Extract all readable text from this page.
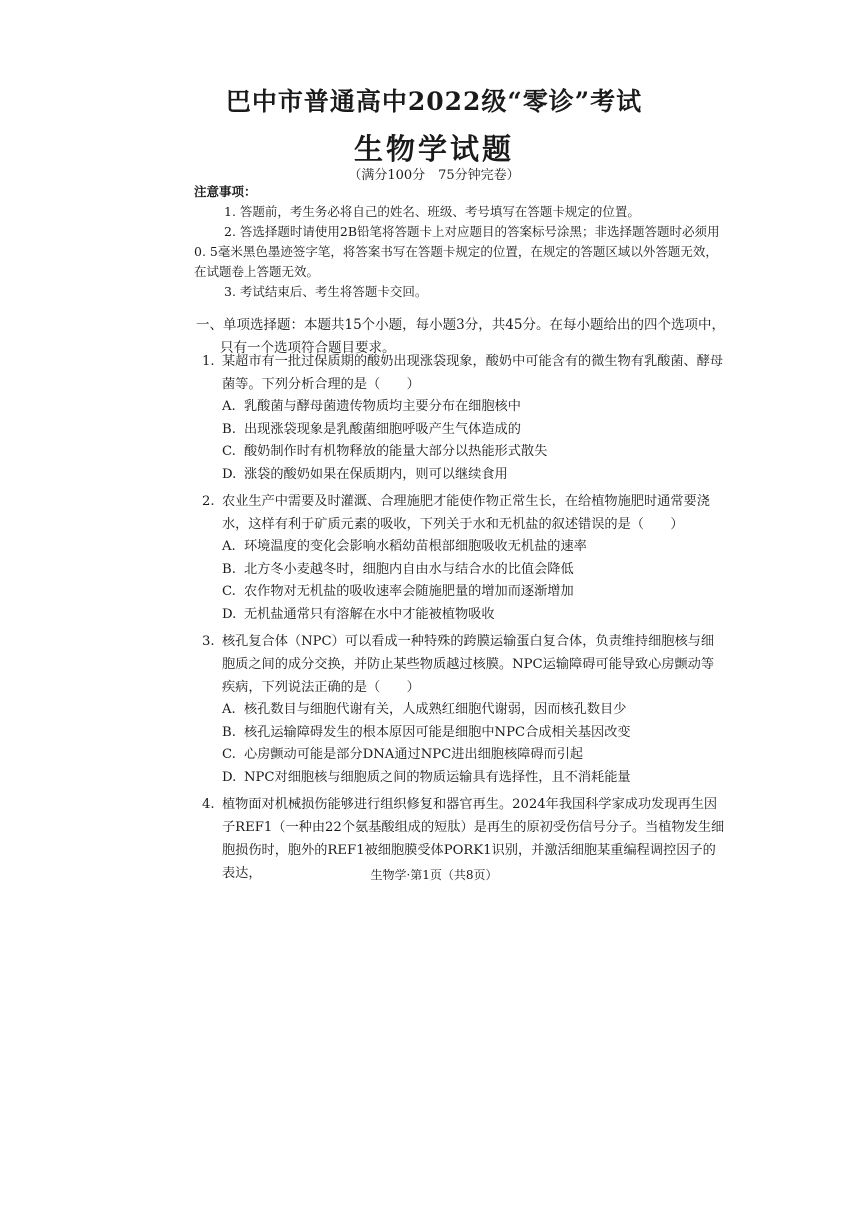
巴中市普通高中2022级“零诊”考试
生物学试题
（满分100分　75分钟完卷）
注意事项：
1. 答题前，考生务必将自己的姓名、班级、考号填写在答题卡规定的位置。
2. 答选择题时请使用2B铅笔将答题卡上对应题目的答案标号涂黑；非选择题答题时必须用0. 5毫米黑色墨迹签字笔，将答案书写在答题卡规定的位置，在规定的答题区域以外答题无效，在试题卷上答题无效。
3. 考试结束后、考生将答题卡交回。
一、单项选择题：本题共15个小题，每小题3分，共45分。在每小题给出的四个选项中，
只有一个选项符合题目要求。
1. 某超市有一批过保质期的酸奶出现涨袋现象，酸奶中可能含有的微生物有乳酸菌、酵母菌等。下列分析合理的是（　　）
A. 乳酸菌与酵母菌遗传物质均主要分布在细胞核中
B. 出现涨袋现象是乳酸菌细胞呼吸产生气体造成的
C. 酸奶制作时有机物释放的能量大部分以热能形式散失
D. 涨袋的酸奶如果在保质期内，则可以继续食用
2. 农业生产中需要及时灌溉、合理施肥才能使作物正常生长，在给植物施肥时通常要浇水，这样有利于矿质元素的吸收，下列关于水和无机盐的叙述错误的是（　　）
A. 环境温度的变化会影响水稻幼苗根部细胞吸收无机盐的速率
B. 北方冬小麦越冬时，细胞内自由水与结合水的比值会降低
C. 农作物对无机盐的吸收速率会随施肥量的增加而逐渐增加
D. 无机盐通常只有溶解在水中才能被植物吸收
3. 核孔复合体（NPC）可以看成一种特殊的跨膜运输蛋白复合体，负责维持细胞核与细胞质之间的成分交换，并防止某些物质越过核膜。NPC运输障碍可能导致心房颤动等疾病，下列说法正确的是（　　）
A. 核孔数目与细胞代谢有关，人成熟红细胞代谢弱，因而核孔数目少
B. 核孔运输障碍发生的根本原因可能是细胞中NPC合成相关基因改变
C. 心房颤动可能是部分DNA通过NPC进出细胞核障碍而引起
D. NPC对细胞核与细胞质之间的物质运输具有选择性，且不消耗能量
4. 植物面对机械损伤能够进行组织修复和器官再生。2024年我国科学家成功发现再生因子REF1（一种由22个氨基酸组成的短肽）是再生的原初受伤信号分子。当植物发生细胞损伤时，胞外的REF1被细胞膜受体PORK1识别，并激活细胞某重编程调控因子的表达，	生物学·第1页（共8页）
